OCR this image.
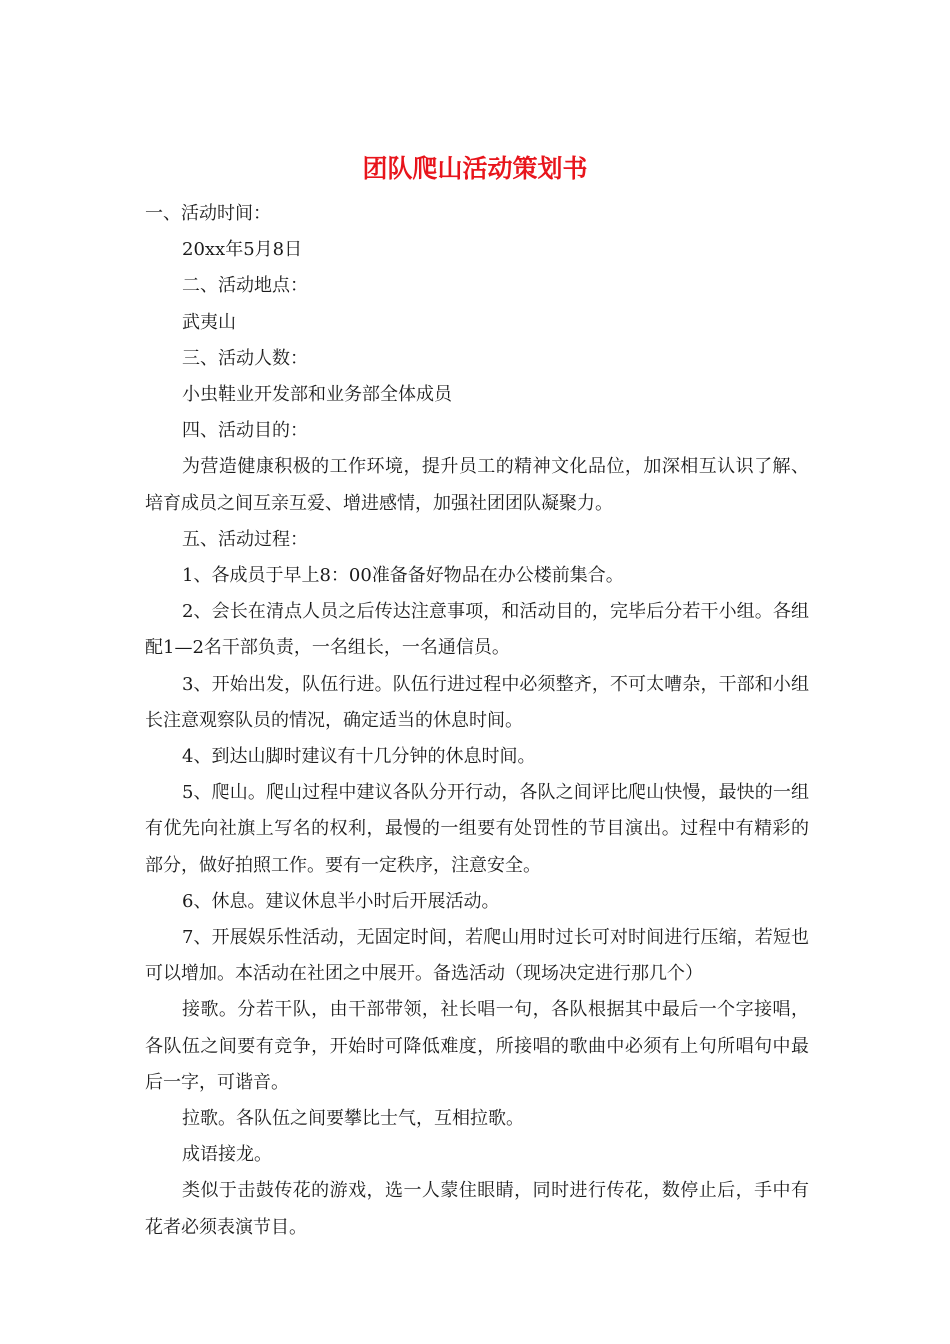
团队爬山活动策划书

一、活动时间：

20xx年5月8日

二、活动地点：

武夷山

三、活动人数：

小虫鞋业开发部和业务部全体成员

四、活动目的：

为营造健康积极的工作环境，提升员工的精神文化品位，加深相互认识了解、培育成员之间互亲互爱、增进感情，加强社团团队凝聚力。

五、活动过程：

1、各成员于早上8：00准备备好物品在办公楼前集合。

2、会长在清点人员之后传达注意事项，和活动目的，完毕后分若干小组。各组配1—2名干部负责，一名组长，一名通信员。

3、开始出发，队伍行进。队伍行进过程中必须整齐，不可太嘈杂，干部和小组长注意观察队员的情况，确定适当的休息时间。

4、到达山脚时建议有十几分钟的休息时间。

5、爬山。爬山过程中建议各队分开行动，各队之间评比爬山快慢，最快的一组有优先向社旗上写名的权利，最慢的一组要有处罚性的节目演出。过程中有精彩的部分，做好拍照工作。要有一定秩序，注意安全。

6、休息。建议休息半小时后开展活动。

7、开展娱乐性活动，无固定时间，若爬山用时过长可对时间进行压缩，若短也可以增加。本活动在社团之中展开。备选活动（现场决定进行那几个）

接歌。分若干队，由干部带领，社长唱一句，各队根据其中最后一个字接唱，各队伍之间要有竞争，开始时可降低难度，所接唱的歌曲中必须有上句所唱句中最后一字，可谐音。

拉歌。各队伍之间要攀比士气，互相拉歌。

成语接龙。

类似于击鼓传花的游戏，选一人蒙住眼睛，同时进行传花，数停止后，手中有花者必须表演节目。
